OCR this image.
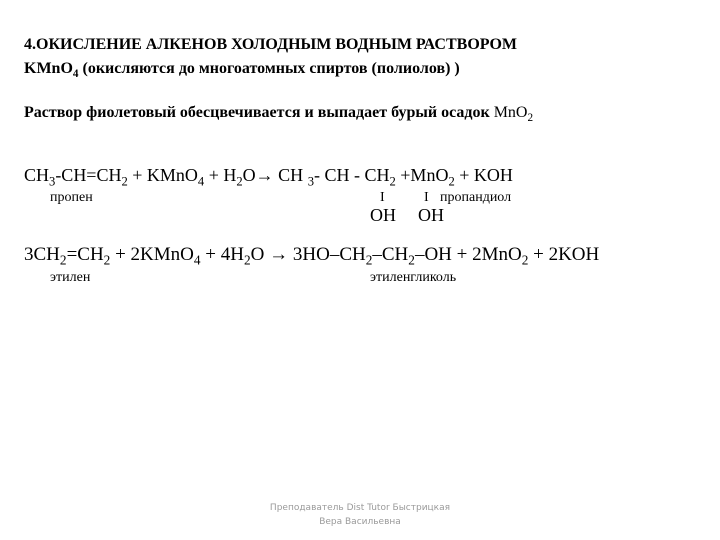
4.ОКИСЛЕНИЕ АЛКЕНОВ ХОЛОДНЫМ ВОДНЫМ РАСТВОРОМ
KMnO$_4$ (окисляются до многоатомных спиртов (полиолов) )
Раствор фиолетовый обесцвечивается и выпадает бурый осадок MnO$_2$
$CH_3-CH=CH_2$ + KMnO$_4$ + $H_2O\to$ CH $_3$- CH - $CH_2 +MnO_2$ + KOH
пропен	I	I пропандиол
OH OH
$3CH_2=CH_2$ + 2KMnO$_4$ + $4H_2O \to 3HO-CH_2-CH_2-OH + 2MnO_2 + 2KOH$
этилен	этиленгликоль
Преподаватель Dist Tutor Быстрицкая
Вера Васильевна
